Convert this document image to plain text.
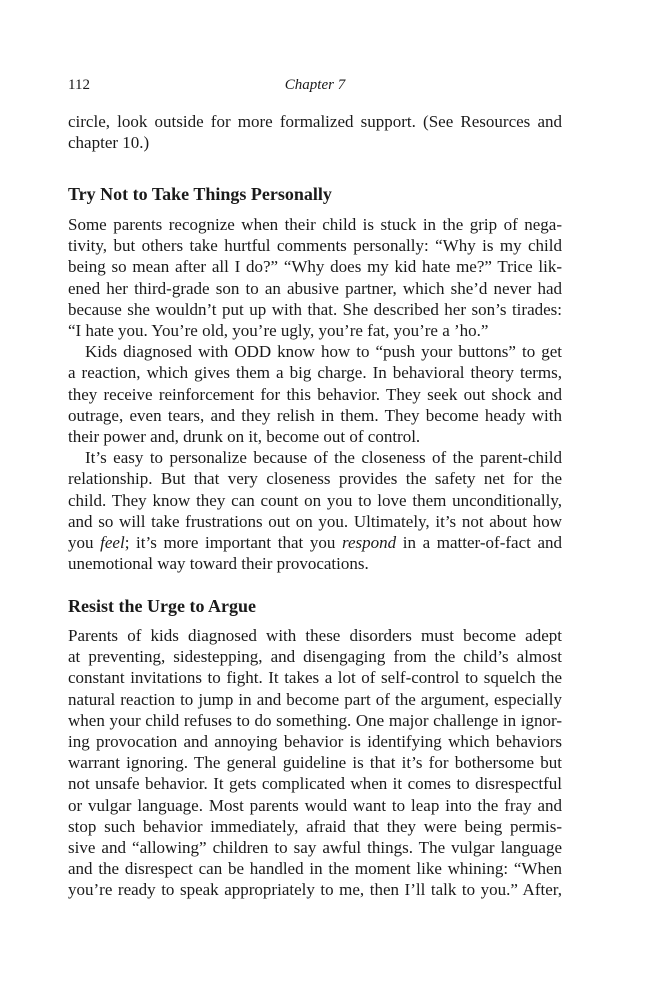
112	Chapter 7
circle, look outside for more formalized support. (See Resources and
chapter 10.)
Try Not to Take Things Personally
Some parents recognize when their child is stuck in the grip of nega-
tivity, but others take hurtful comments personally: “Why is my child
being so mean after all I do?” “Why does my kid hate me?” Trice lik-
ened her third-grade son to an abusive partner, which she’d never had
because she wouldn’t put up with that. She described her son’s tirades:
“I hate you. You’re old, you’re ugly, you’re fat, you’re a ’ho.”
Kids diagnosed with ODD know how to “push your buttons” to get
a reaction, which gives them a big charge. In behavioral theory terms,
they receive reinforcement for this behavior. They seek out shock and
outrage, even tears, and they relish in them. They become heady with
their power and, drunk on it, become out of control.
It’s easy to personalize because of the closeness of the parent-child
relationship. But that very closeness provides the safety net for the
child. They know they can count on you to love them unconditionally,
and so will take frustrations out on you. Ultimately, it’s not about how
you feel; it’s more important that you respond in a matter-of-fact and
unemotional way toward their provocations.
Resist the Urge to Argue
Parents of kids diagnosed with these disorders must become adept
at preventing, sidestepping, and disengaging from the child’s almost
constant invitations to fight. It takes a lot of self-control to squelch the
natural reaction to jump in and become part of the argument, especially
when your child refuses to do something. One major challenge in ignor-
ing provocation and annoying behavior is identifying which behaviors
warrant ignoring. The general guideline is that it’s for bothersome but
not unsafe behavior. It gets complicated when it comes to disrespectful
or vulgar language. Most parents would want to leap into the fray and
stop such behavior immediately, afraid that they were being permis-
sive and “allowing” children to say awful things. The vulgar language
and the disrespect can be handled in the moment like whining: “When
you’re ready to speak appropriately to me, then I’ll talk to you.” After,
